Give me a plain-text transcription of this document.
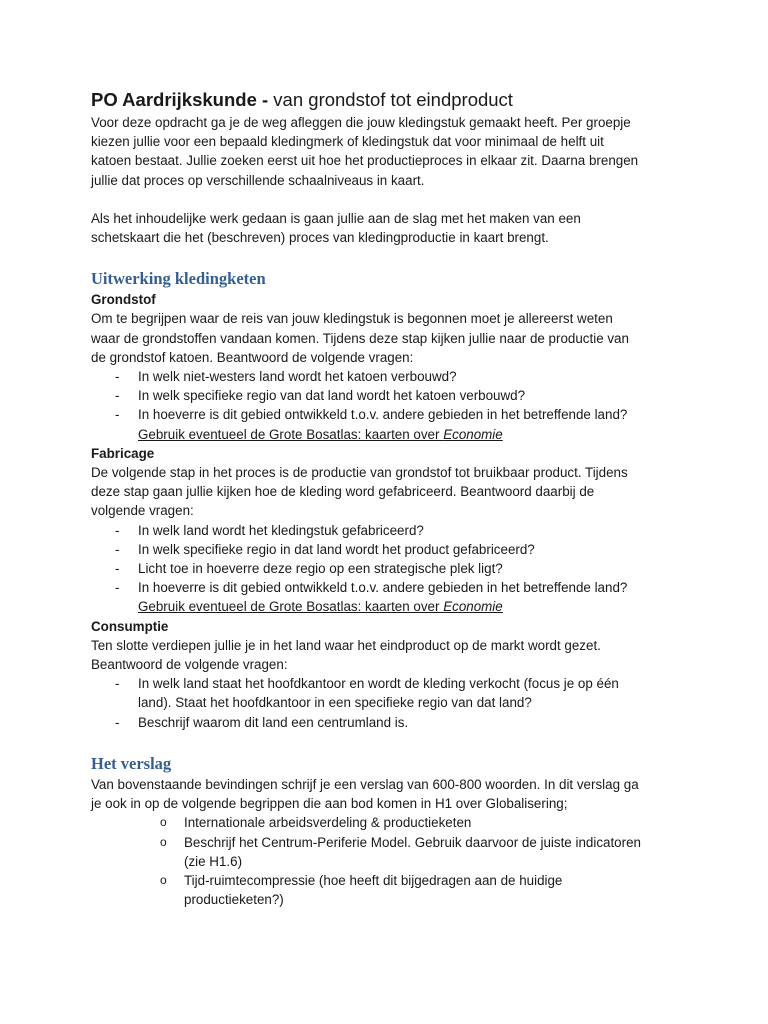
PO Aardrijkskunde - van grondstof tot eindproduct
Voor deze opdracht ga je de weg afleggen die jouw kledingstuk gemaakt heeft. Per groepje
kiezen jullie voor een bepaald kledingmerk of kledingstuk dat voor minimaal de helft uit
katoen bestaat. Jullie zoeken eerst uit hoe het productieproces in elkaar zit. Daarna brengen
jullie dat proces op verschillende schaalniveaus in kaart.
Als het inhoudelijke werk gedaan is gaan jullie aan de slag met het maken van een
schetskaart die het (beschreven) proces van kledingproductie in kaart brengt.
Uitwerking kledingketen
Grondstof
Om te begrijpen waar de reis van jouw kledingstuk is begonnen moet je allereerst weten
waar de grondstoffen vandaan komen. Tijdens deze stap kijken jullie naar de productie van
de grondstof katoen. Beantwoord de volgende vragen:
- In welk niet-westers land wordt het katoen verbouwd?
- In welk specifieke regio van dat land wordt het katoen verbouwd?
- In hoeverre is dit gebied ontwikkeld t.o.v. andere gebieden in het betreffende land?
Gebruik eventueel de Grote Bosatlas: kaarten over Economie
Fabricage
De volgende stap in het proces is de productie van grondstof tot bruikbaar product. Tijdens
deze stap gaan jullie kijken hoe de kleding word gefabriceerd. Beantwoord daarbij de
volgende vragen:
- In welk land wordt het kledingstuk gefabriceerd?
- In welk specifieke regio in dat land wordt het product gefabriceerd?
- Licht toe in hoeverre deze regio op een strategische plek ligt?
- In hoeverre is dit gebied ontwikkeld t.o.v. andere gebieden in het betreffende land?
Gebruik eventueel de Grote Bosatlas: kaarten over Economie
Consumptie
Ten slotte verdiepen jullie je in het land waar het eindproduct op de markt wordt gezet.
Beantwoord de volgende vragen:
- In welk land staat het hoofdkantoor en wordt de kleding verkocht (focus je op één
land). Staat het hoofdkantoor in een specifieke regio van dat land?
- Beschrijf waarom dit land een centrumland is.
Het verslag
Van bovenstaande bevindingen schrijf je een verslag van 600-800 woorden. In dit verslag ga
je ook in op de volgende begrippen die aan bod komen in H1 over Globalisering;
o Internationale arbeidsverdeling & productieketen
o Beschrijf het Centrum-Periferie Model. Gebruik daarvoor de juiste indicatoren
(zie H1.6)
o Tijd-ruimtecompressie (hoe heeft dit bijgedragen aan de huidige
productieketen?)
